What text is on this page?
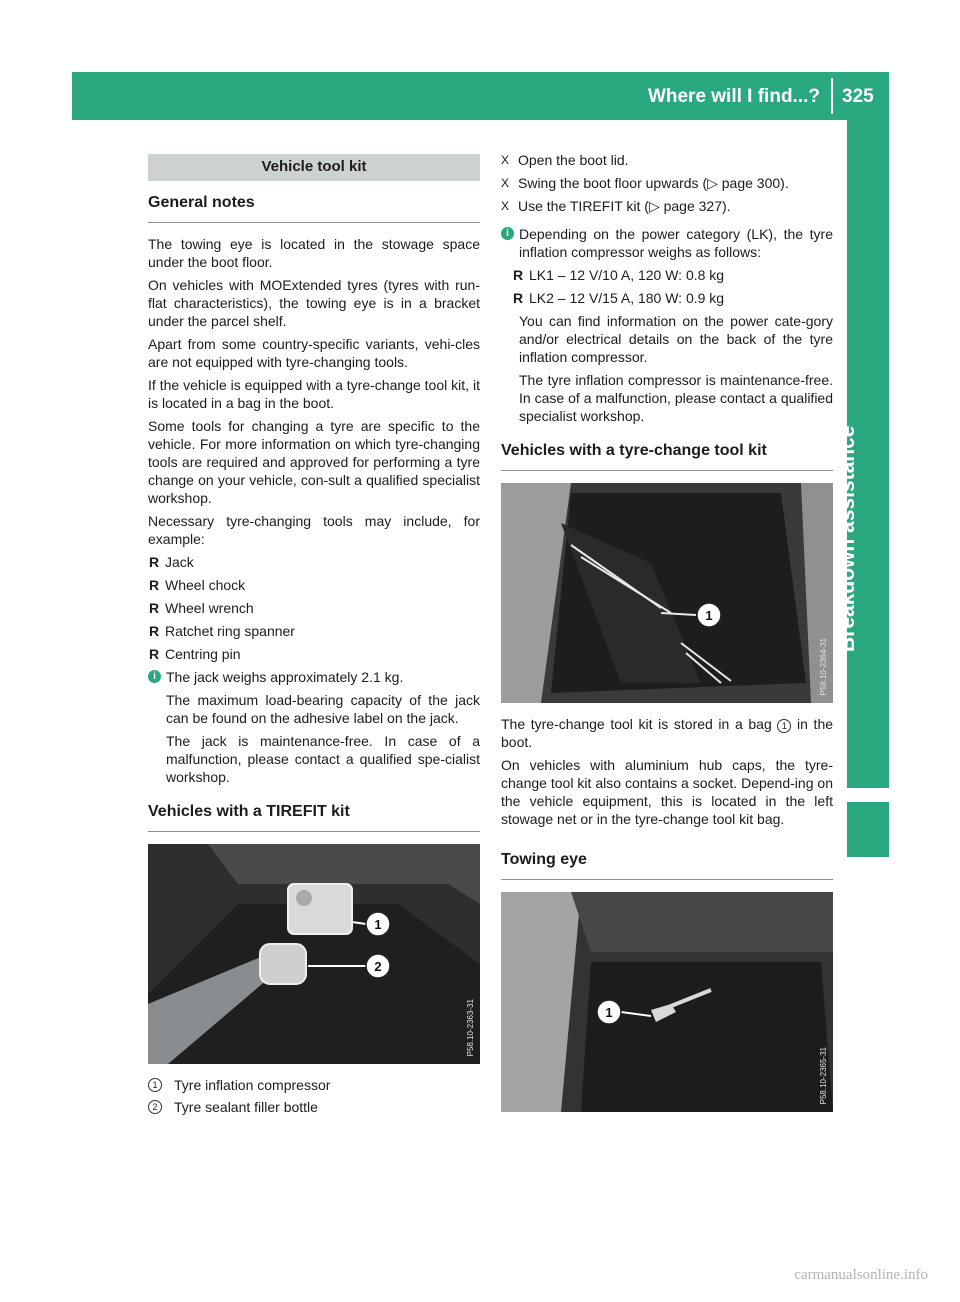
Where will I find...? 325
Breakdown assistance
Vehicle tool kit
General notes

The towing eye is located in the stowage space under the boot floor.

On vehicles with MOExtended tyres (tyres with run-flat characteristics), the towing eye is in a bracket under the parcel shelf.

Apart from some country-specific variants, vehi-cles are not equipped with tyre-changing tools.

If the vehicle is equipped with a tyre-change tool kit, it is located in a bag in the boot.

Some tools for changing a tyre are specific to the vehicle. For more information on which tyre-changing tools are required and approved for performing a tyre change on your vehicle, con-sult a qualified specialist workshop.

Necessary tyre-changing tools may include, for example:

R Jack
R Wheel chock
R Wheel wrench
R Ratchet ring spanner
R Centring pin
i The jack weighs approximately 2.1 kg.

The maximum load-bearing capacity of the jack can be found on the adhesive label on the jack.

The jack is maintenance-free. In case of a malfunction, please contact a qualified spe-cialist workshop.

Vehicles with a TIREFIT kit
1
2
P58.10-2363-31
1	Tyre inflation compressor
2	Tyre sealant filler bottle
X Open the boot lid.
X Swing the boot floor upwards (▷ page 300).
X Use the TIREFIT kit (▷ page 327).
i Depending on the power category (LK), the tyre inflation compressor weighs as follows:

R LK1 – 12 V/10 A, 120 W: 0.8 kg
R LK2 – 12 V/15 A, 180 W: 0.9 kg

You can find information on the power cate-gory and/or electrical details on the back of the tyre inflation compressor.

The tyre inflation compressor is maintenance-free. In case of a malfunction, please contact a qualified specialist workshop.

Vehicles with a tyre-change tool kit
1
P58.10-2364-31

The tyre-change tool kit is stored in a bag 1 in the boot.

On vehicles with aluminium hub caps, the tyre-change tool kit also contains a socket. Depend-ing on the vehicle equipment, this is located in the left stowage net or in the tyre-change tool kit bag.

Towing eye
1
P58.10-2365-31
carmanualsonline.info
